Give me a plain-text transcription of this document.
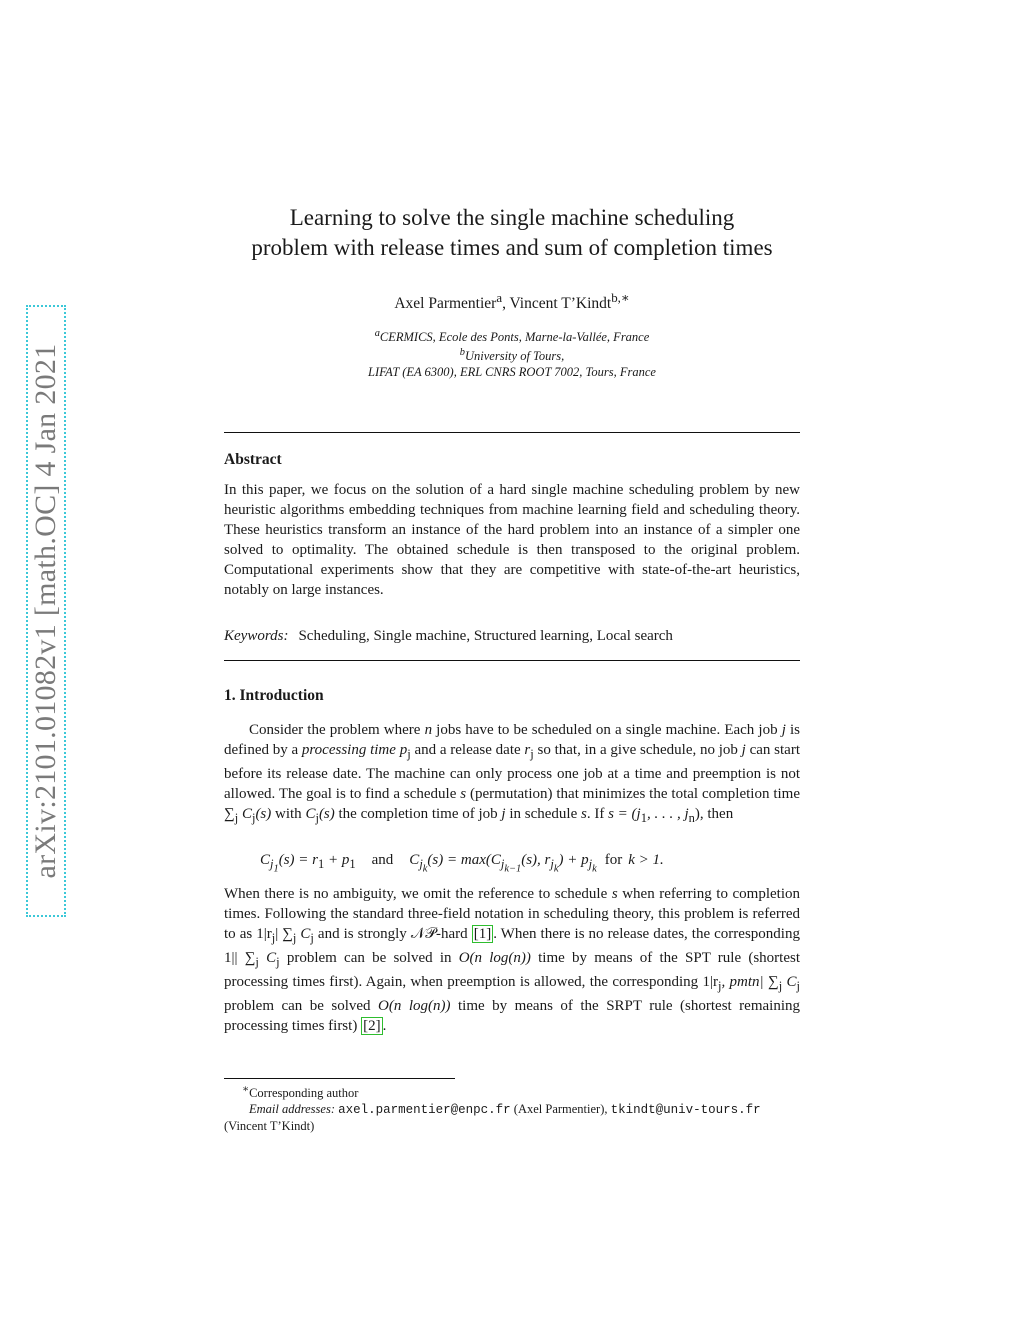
arXiv:2101.01082v1 [math.OC] 4 Jan 2021
Learning to solve the single machine scheduling
problem with release times and sum of completion times
Axel Parmentier$^a$, Vincent T’Kindt$^{b,∗}$
$^a$CERMICS, Ecole des Ponts, Marne-la-Vallée, France
$^b$University of Tours,
LIFAT (EA 6300), ERL CNRS ROOT 7002, Tours, France
Abstract
In this paper, we focus on the solution of a hard single machine scheduling problem by new heuristic algorithms embedding techniques from machine learning field and scheduling theory. These heuristics transform an instance of the hard problem into an instance of a simpler one solved to optimality. The obtained schedule is then transposed to the original problem. Computational experiments show that they are competitive with state-of-the-art heuristics, notably on large instances.
Keywords: Scheduling, Single machine, Structured learning, Local search
1. Introduction
Consider the problem where n jobs have to be scheduled on a single machine. Each job j is defined by a processing time $p_j$ and a release date $r_j$ so that, in a give schedule, no job j can start before its release date. The machine can only process one job at a time and preemption is not allowed. The goal is to find a schedule s (permutation) that minimizes the total completion time $\sum_j$ $C_j(s)$ with $C_j(s)$ the completion time of job j in schedule s. If $s = (j_1$, . . . , $j_n$), then
$C_{j_1}(s) = r_1 + p_1$ and $C_{j_k}(s) = \max(C_{j_{k-1}}(s)$, $r_{j_k}) + p_{j_k}for$ k > 1.
When there is no ambiguity, we omit the reference to schedule s when referring to completion times. Following the standard three-field notation in scheduling theory, this problem is referred to as $1|r_j|$ $\sum_j$ $C_j$ and is strongly 𝒩𝒫-hard [1] . When there is no release dates, the corresponding 1|| $\sum_j$ $C_j$ problem can be solved in O(n log(n)) time by means of the SPT rule (shortest processing times first). Again, when preemption is allowed, the corresponding $1|r_j$, pmtn| $\sum_j$ $C_j$ problem can be solved O(n log(n)) time by means of the SRPT rule (shortest remaining processing times first) [2] .
∗Corresponding author
Email addresses: axel.parmentier@enpc.fr (Axel Parmentier), tkindt@univ-tours.fr
(Vincent T’Kindt)
